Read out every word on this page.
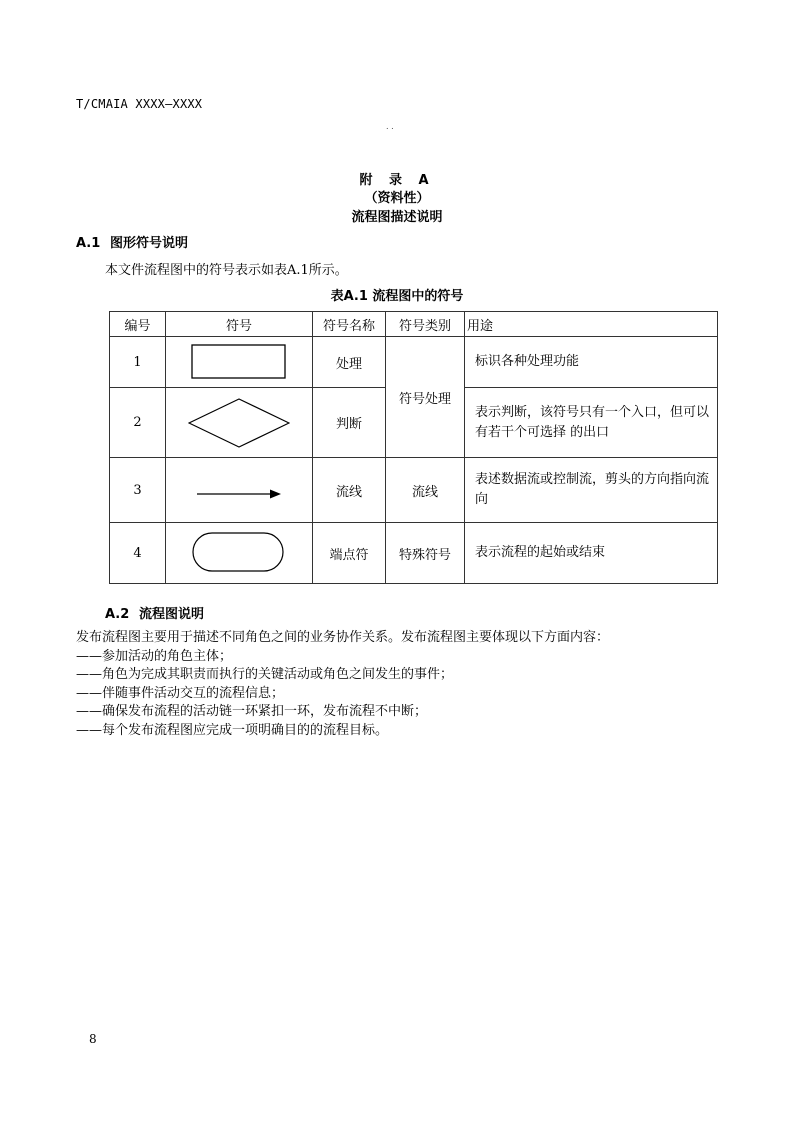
T/CMAIA XXXX—XXXX
. .
附 录 A
（资料性）
流程图描述说明
A.1 图形符号说明
本文件流程图中的符号表示如表A.1所示。
表A.1 流程图中的符号
编号	符号	符号名称	符号类别	用途
1		处理	符号处理	标识各种处理功能
2		判断		表示判断，该符号只有一个入口，但可以有若干个可选择 的出口
3		流线	流线	表述数据流或控制流，剪头的方向指向流向
4		端点符	特殊符号	表示流程的起始或结束
A.2 流程图说明
发布流程图主要用于描述不同角色之间的业务协作关系。发布流程图主要体现以下方面内容：
——参加活动的角色主体；
——角色为完成其职责而执行的关键活动或角色之间发生的事件；
——伴随事件活动交互的流程信息；
——确保发布流程的活动链一环紧扣一环，发布流程不中断；
——每个发布流程图应完成一项明确目的的流程目标。
8
